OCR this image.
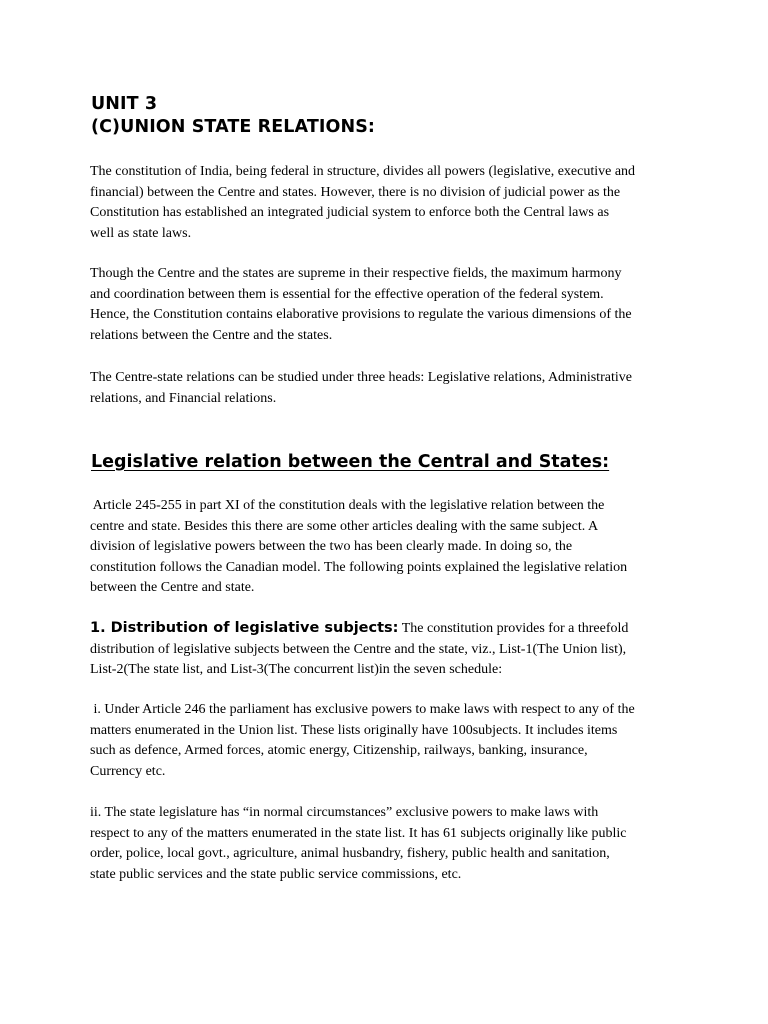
UNIT 3
(C)UNION STATE RELATIONS:

The constitution of India, being federal in structure, divides all powers (legislative, executive and
financial) between the Centre and states. However, there is no division of judicial power as the
Constitution has established an integrated judicial system to enforce both the Central laws as
well as state laws.

Though the Centre and the states are supreme in their respective fields, the maximum harmony
and coordination between them is essential for the effective operation of the federal system.
Hence, the Constitution contains elaborative provisions to regulate the various dimensions of the
relations between the Centre and the states.

The Centre-state relations can be studied under three heads: Legislative relations, Administrative
relations, and Financial relations.

Legislative relation between the Central and States:

Article 245-255 in part XI of the constitution deals with the legislative relation between the
centre and state. Besides this there are some other articles dealing with the same subject. A
division of legislative powers between the two has been clearly made. In doing so, the
constitution follows the Canadian model. The following points explained the legislative relation
between the Centre and state.

1. Distribution of legislative subjects: The constitution provides for a threefold
distribution of legislative subjects between the Centre and the state, viz., List-1(The Union list),
List-2(The state list, and List-3(The concurrent list)in the seven schedule:

i. Under Article 246 the parliament has exclusive powers to make laws with respect to any of the
matters enumerated in the Union list. These lists originally have 100subjects. It includes items
such as defence, Armed forces, atomic energy, Citizenship, railways, banking, insurance,
Currency etc.

ii. The state legislature has “in normal circumstances” exclusive powers to make laws with
respect to any of the matters enumerated in the state list. It has 61 subjects originally like public
order, police, local govt., agriculture, animal husbandry, fishery, public health and sanitation,
state public services and the state public service commissions, etc.
